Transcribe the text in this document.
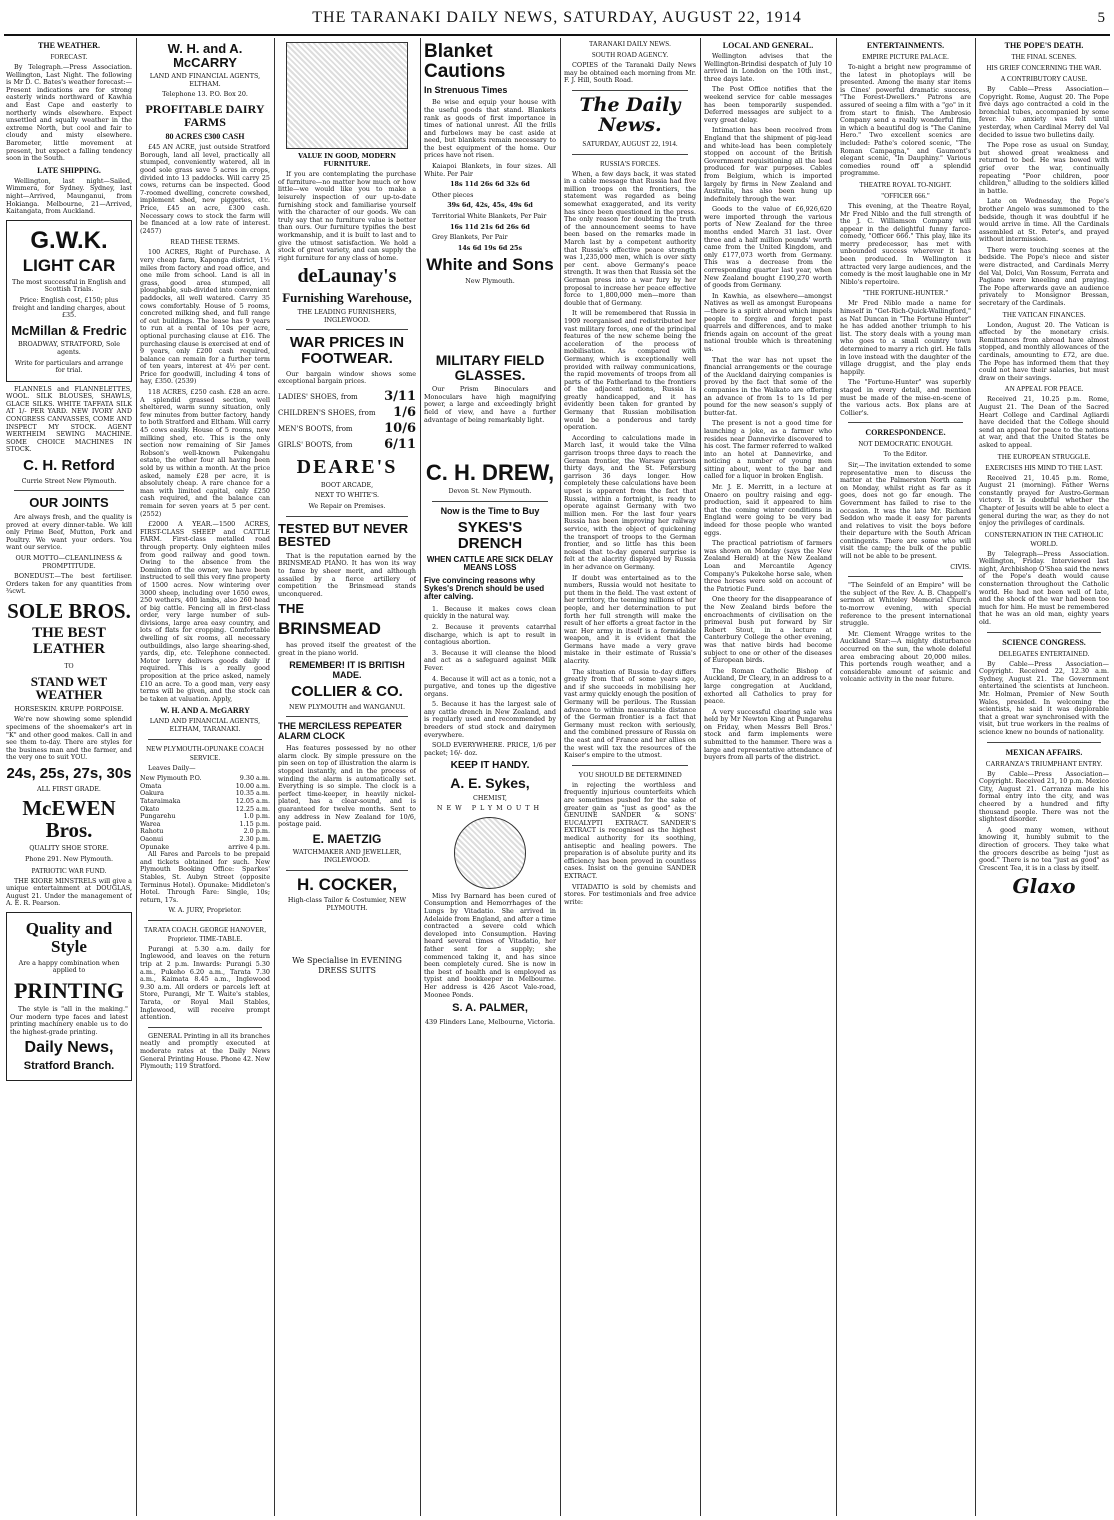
THE TARANAKI DAILY NEWS, SATURDAY, AUGUST 22, 1914	5
THE WEATHER.
FORECAST.

By Telegraph.—Press Association. Wellington, Last Night. The following is Mr D. C. Bates's weather forecast:— Present indications are for strong easterly winds northward of Kawhia and East Cape and easterly to northerly winds elsewhere. Expect unsettled and squally weather in the extreme North, but cool and fair to cloudy and misty elsewhere. Barometer, little movement at present, but expect a falling tendency soon in the South.

LATE SHIPPING.

Wellington, last night—Sailed, Wimmera, for Sydney. Sydney, last night—Arrived, Maunganui, from Hokianga. Melbourne, 21—Arrived, Kaitangata, from Auckland.

G.W.K.
LIGHT CAR

The most successful in English and Scottish Trials.

Price: English cost, £150; plus freight and landing charges, about £35.

McMillan & Fredric

BROADWAY, STRATFORD, Sole agents.

Write for particulars and arrange for trial.

FLANNELS and FLANNELETTES, WOOL. SILK BLOUSES, SHAWLS, GLACE SILKS. WHITE TAFFATA SILK AT 1/- PER YARD. NEW IVORY AND CONGRESS CANVASSES, COME AND INSPECT MY STOCK. AGENT WERTHEIM SEWING MACHINE. SOME CHOICE MACHINES IN STOCK.

C. H. Retford

Currie Street New Plymouth.

OUR JOINTS

Are always fresh, and the quality is proved at every dinner-table. We kill only Prime Beef, Mutton, Pork and Poultry. We want your orders. You want our service.

OUR MOTTO—CLEANLINESS & PROMPTITUDE.

BONEDUST.—The best fertiliser. Orders taken for any quantities from ¾cwt.

SOLE BROS.
THE BEST LEATHER
TO
STAND WET WEATHER

HORSESKIN. KRUPP. PORPOISE.

We're now showing some splendid specimens of the shoemaker's art in "K" and other good makes. Call in and see them to-day. There are styles for the business man and the farmer, and the very one to suit YOU.

24s, 25s, 27s, 30s

ALL FIRST GRADE.

McEWEN Bros.

QUALITY SHOE STORE.

Phone 291. New Plymouth.

PATRIOTIC WAR FUND.

THE KIORE MINSTRELS will give a unique entertainment at DOUGLAS, August 21. Under the management of A. E. R. Pearson.

Quality and Style

Are a happy combination when applied to

PRINTING

The style is "all in the making." Our modern type faces and latest printing machinery enable us to do the highest-grade printing.

Daily News,
Stratford Branch.
W. H. and A. McCARRY

LAND AND FINANCIAL AGENTS, ELTHAM.

Telephone 13. P.O. Box 20.

PROFITABLE DAIRY FARMS
80 ACRES £300 CASH

£45 AN ACRE, just outside Stratford Borough, land all level, practically all stumped, conveniently watered, all in good sole grass save 5 acres in crops, divided into 13 paddocks. Will carry 25 cows, returns can be inspected. Good 7-roomed dwelling, concrete cowshed, implement shed, new piggeries, etc. Price, £45 an acre, £300 cash. Necessary cows to stock the farm will be financed at a low rate of interest. (2457)

READ THESE TERMS.

100 ACRES, Right of Purchase. A very cheap farm, Kaponga district, 1½ miles from factory and road office, and one mile from school. Land is all in grass, good area stumped, all ploughable, sub-divided into convenient paddocks, all well watered. Carry 35 cows comfortably. House of 5 rooms, concreted milking shed, and full range of out buildings. The lease has 9 years to run at a rental of 10s per acre, optional purchasing clause at £16. The purchasing clause is exercised at end of 9 years, only £200 cash required, balance can remain for a further term of ten years, interest at 4½ per cent. Price for goodwill, including 4 tons of hay, £350. (2539)

118 ACRES, £250 cash. £28 an acre. A splendid grassed section, well sheltered, warm sunny situation, only few minutes from butter factory, handy to both Stratford and Eltham. Will carry 45 cows easily. House of 5 rooms, new milking shed, etc. This is the only section now remaining of Sir James Robson's well-known Pukengahu estate, the other four all having been sold by us within a month. At the price asked, namely £28 per acre, it is absolutely cheap. A rare chance for a man with limited capital, only £250 cash required, and the balance can remain for seven years at 5 per cent. (2552)

£2000 A YEAR.—1500 ACRES, FIRST-CLASS SHEEP and CATTLE FARM. First-class metalled road through property. Only eighteen miles from good railway and good town. Owing to the absence from the Dominion of the owner, we have been instructed to sell this very fine property of 1500 acres. Now wintering over 3000 sheep, including over 1650 ewes, 250 wethers, 400 lambs, also 260 head of big cattle. Fencing all in first-class order, very large number of sub-divisions, large area easy country, and lots of flats for cropping. Comfortable dwelling of six rooms, all necessary outbuildings, also large shearing-shed, yards, dip, etc. Telephone connected. Motor lorry delivers goods daily if required. This is a really good proposition at the price asked, namely £10 an acre. To a good man, very easy terms will be given, and the stock can be taken at valuation. Apply,

W. H. AND A. McGARRY

LAND AND FINANCIAL AGENTS, ELTHAM, TARANAKI.

NEW PLYMOUTH-OPUNAKE COACH SERVICE.

Leaves Daily—

New Plymouth P.O.	9.30 a.m.
Omata	10.00 a.m.
Oakura	10.35 a.m.
Tataraimaka	12.05 a.m.
Okato	12.25 a.m.
Pungarehu	1.0 p.m.
Warea	1.15 p.m.
Rahotu	2.0 p.m.
Oaonui	2.30 p.m.
Opunake	arrive 4 p.m.

All Fares and Parcels to be prepaid and tickets obtained for such. New Plymouth Booking Office: Sparkes' Stables, St. Aubyn Street (opposite Terminus Hotel). Opunake: Middleton's Hotel. Through Fare: Single, 10s; return, 17s.

W. A. JURY, Proprietor.

TARATA COACH. GEORGE HANOVER, Proprietor. TIME-TABLE.

Purangi at 5.30 a.m. daily for Inglewood, and leaves on the return trip at 2 p.m. Inwards: Purangi 5.30 a.m., Pukeho 6.20 a.m., Tarata 7.30 a.m., Kaimata 8.45 a.m., Inglewood 9.30 a.m. All orders or parcels left at Store, Purangi, Mr T. Waite's stables, Tarata, or Royal Mail Stables, Inglewood, will receive prompt attention.

GENERAL Printing in all its branches neatly and promptly executed at moderate rates at the Daily News General Printing House. Phone 42. New Plymouth; 119 Stratford.

VALUE IN GOOD, MODERN FURNITURE.

If you are contemplating the purchase of furniture—no matter how much or how little—we would like you to make a leisurely inspection of our up-to-date furnishing stock and familiarise yourself with the character of our goods. We can truly say that no furniture value is better than ours. Our furniture typifies the best workmanship, and it is built to last and to give the utmost satisfaction. We hold a stock of great variety, and can supply the right furniture for any class of home.

deLaunay's
Furnishing Warehouse,

THE LEADING FURNISHERS, INGLEWOOD.

WAR PRICES IN FOOTWEAR.

Our bargain window shows some exceptional bargain prices.

LADIES' SHOES, from 3/11
CHILDREN'S SHOES, from 1/6
MEN'S BOOTS, from 10/6
GIRLS' BOOTS, from 6/11
DEARE'S

BOOT ARCADE,

NEXT TO WHITE'S.

We Repair on Premises.

TESTED BUT NEVER BESTED

That is the reputation earned by the BRINSMEAD PIANO. It has won its way to fame by sheer merit, and although assailed by a fierce artillery of competition the Brinsmead stands unconquered.

THE
BRINSMEAD

has proved itself the greatest of the great in the piano world.

REMEMBER! IT IS BRITISH MADE.
COLLIER & CO.

NEW PLYMOUTH and WANGANUI.

THE MERCILESS REPEATER ALARM CLOCK

Has features possessed by no other alarm clock. By simple pressure on the pin seen on top of illustration the alarm is stopped instantly, and in the process of winding the alarm is automatically set. Everything is so simple. The clock is a perfect time-keeper, in heavily nickel-plated, has a clear-sound, and is guaranteed for twelve months. Sent to any address in New Zealand for 10/6, postage paid.

E. MAETZIG

WATCHMAKER AND JEWELLER, INGLEWOOD.

H. COCKER,

High-class Tailor & Costumier, NEW PLYMOUTH.

We Specialise in EVENING DRESS SUITS

Blanket Cautions
In Strenuous Times

Be wise and equip your house with the useful goods that stand. Blankets rank as goods of first importance in times of national unrest. All the frills and furbelows may be cast aside at need, but blankets remain necessary to the best equipment of the home. Our prices have not risen.

Kaiapoi Blankets, in four sizes. All White. Per Pair

18s 11d 26s 6d 32s 6d

Other pieces

39s 6d, 42s, 45s, 49s 6d

Territorial White Blankets, Per Pair

16s 11d 21s 6d 26s 6d

Grey Blankets, Per Pair

14s 6d 19s 6d 25s

White and Sons

New Plymouth.

MILITARY FIELD GLASSES.

Our Prism Binoculars and Monoculars have high magnifying power, a large and exceedingly bright field of view, and have a further advantage of being remarkably light.

C. H. DREW,

Devon St. New Plymouth.

Now is the Time to Buy
SYKES'S DRENCH
WHEN CATTLE ARE SICK DELAY MEANS LOSS
Five convincing reasons why Sykes's Drench should be used after calving.

1. Because it makes cows clean quickly in the natural way.

2. Because it prevents catarrhal discharge, which is apt to result in contagious abortion.

3. Because it will cleanse the blood and act as a safeguard against Milk Fever.

4. Because it will act as a tonic, not a purgative, and tones up the digestive organs.

5. Because it has the largest sale of any cattle drench in New Zealand, and is regularly used and recommended by breeders of stud stock and dairymen everywhere.

SOLD EVERYWHERE. PRICE, 1/6 per packet; 16/- doz.

KEEP IT HANDY.
A. E. Sykes,

CHEMIST,

NEW PLYMOUTH

Miss Ivy Barnard has been cured of Consumption and Hemorrhages of the Lungs by Vitadatio. She arrived in Adelaide from England, and after a time contracted a severe cold which developed into Consumption. Having heard several times of Vitadatio, her father sent for a supply; she commenced taking it, and has since been completely cured. She is now in the best of health and is employed as typist and bookkeeper in Melbourne. Her address is 426 Ascot Vale-road, Moonee Ponds.

S. A. PALMER,

439 Flinders Lane, Melbourne, Victoria.

TARANAKI DAILY NEWS.
SOUTH ROAD AGENCY.

COPIES of the Taranaki Daily News may be obtained each morning from Mr. F. J. Hill, South Road.

The Daily News.
SATURDAY, AUGUST 22, 1914.
RUSSIA'S FORCES.

When, a few days back, it was stated in a cable message that Russia had five million troops on the frontiers, the statement was regarded as being somewhat exaggerated, and its verity has since been questioned in the press. The only reason for doubting the truth of the announcement seems to have been based on the remarks made in March last by a competent authority that Russia's effective peace strength was 1,235,000 men, which is over sixty per cent. above Germany's peace strength. It was then that Russia set the German press into a war fury by her proposal to increase her peace effective force to 1,800,000 men—more than double that of Germany.

It will be remembered that Russia in 1909 reorganised and redistributed her vast military forces, one of the principal features of the new scheme being the acceleration of the process of mobilisation. As compared with Germany, which is exceptionally well provided with railway communications, the rapid movements of troops from all parts of the Fatherland to the frontiers of the adjacent nations, Russia is greatly handicapped, and it has evidently been taken for granted by Germany that Russian mobilisation would be a ponderous and tardy operation.

According to calculations made in March last, it would take the Vilna garrison troops three days to reach the German frontier, the Warsaw garrison thirty days, and the St. Petersburg garrison 36 days longer. How completely these calculations have been upset is apparent from the fact that Russia, within a fortnight, is ready to operate against Germany with two million men. For the last four years Russia has been improving her railway service, with the object of quickening the transport of troops to the German frontier, and so little has this been noised that to-day general surprise is felt at the alacrity displayed by Russia in her advance on Germany.

If doubt was entertained as to the numbers, Russia would not hesitate to put them in the field. The vast extent of her territory, the teeming millions of her people, and her determination to put forth her full strength will make the result of her efforts a great factor in the war. Her army in itself is a formidable weapon, and it is evident that the Germans have made a very grave mistake in their estimate of Russia's alacrity.

The situation of Russia to-day differs greatly from that of some years ago, and if she succeeds in mobilising her vast army quickly enough the position of Germany will be perilous. The Russian advance to within measurable distance of the German frontier is a fact that Germany must reckon with seriously, and the combined pressure of Russia on the east and of France and her allies on the west will tax the resources of the Kaiser's empire to the utmost.

YOU SHOULD BE DETERMINED

in rejecting the worthless and frequently injurious counterfeits which are sometimes pushed for the sake of greater gain as "just as good" as the GENUINE SANDER & SONS' EUCALYPTI EXTRACT. SANDER'S EXTRACT is recognised as the highest medical authority for its soothing, antiseptic and healing powers. The preparation is of absolute purity and its efficiency has been proved in countless cases. Insist on the genuine SANDER EXTRACT.

VITADATIO is sold by chemists and stores. For testimonials and free advice write:

LOCAL AND GENERAL.

Wellington advises that the Wellington-Brindisi despatch of July 10 arrived in London on the 10th inst., three days late.

The Post Office notifies that the weekend service for cable messages has been temporarily suspended. Deferred messages are subject to a very great delay.

Intimation has been received from England that the shipment of pig-lead and white-lead has been completely stopped on account of the British Government requisitioning all the lead produced for war purposes. Cables from Belgium, which is imported largely by firms in New Zealand and Australia, has also been hung up indefinitely through the war.

Goods to the value of £6,926,620 were imported through the various ports of New Zealand for the three months ended March 31 last. Over three and a half million pounds' worth came from the United Kingdom, and only £177,073 worth from Germany. This was a decrease from the corresponding quarter last year, when New Zealand bought £190,270 worth of goods from Germany.

In Kawhia, as elsewhere—amongst Natives as well as amongst Europeans—there is a spirit abroad which impels people to forgive and forget past quarrels and differences, and to make friends again on account of the great national trouble which is threatening us.

That the war has not upset the financial arrangements or the courage of the Auckland dairying companies is proved by the fact that some of the companies in the Waikato are offering an advance of from 1s to 1s 1d per pound for the new season's supply of butter-fat.

The present is not a good time for launching a joke, as a farmer who resides near Dannevirke discovered to his cost. The farmer referred to walked into an hotel at Dannevirke, and noticing a number of young men sitting about, went to the bar and called for a liquor in broken English.

Mr. J. E. Merritt, in a lecture at Onaero on poultry raising and egg-production, said it appeared to him that the coming winter conditions in England were going to be very bad indeed for those people who wanted eggs.

The practical patriotism of farmers was shown on Monday (says the New Zealand Herald) at the New Zealand Loan and Mercantile Agency Company's Pukekohe horse sale, when three horses were sold on account of the Patriotic Fund.

One theory for the disappearance of the New Zealand birds before the encroachments of civilisation on the primeval bush put forward by Sir Robert Stout, in a lecture at Canterbury College the other evening, was that native birds had become subject to one or other of the diseases of European birds.

The Roman Catholic Bishop of Auckland, Dr Cleary, in an address to a large congregation at Auckland, exhorted all Catholics to pray for peace.

A very successful clearing sale was held by Mr Newton King at Pungarehu on Friday, when Messrs Bell Bros.' stock and farm implements were submitted to the hammer. There was a large and representative attendance of buyers from all parts of the district.

ENTERTAINMENTS.
EMPIRE PICTURE PALACE.

To-night a bright new programme of the latest in photoplays will be presented. Among the many star items is Cines' powerful dramatic success, "The Forest-Dwellers." Patrons are assured of seeing a film with a "go" in it from start to finish. The Ambrosio Company send a really wonderful film, in which a beautiful dog is "The Canine Hero." Two excellent scenics are included: Pathe's colored scenic, "The Roman Campagna," and Gaumont's elegant scenic, "In Dauphiny." Various comedies round off a splendid programme.

THEATRE ROYAL TO-NIGHT.
"OFFICER 666."

This evening, at the Theatre Royal, Mr Fred Niblo and the full strength of the J. C. Williamson Company will appear in the delightful funny farce-comedy, "Officer 666." This play, like its merry predecessor, has met with unbounded success wherever it has been produced. In Wellington it attracted very large audiences, and the comedy is the most laughable one in Mr Niblo's repertoire.

"THE FORTUNE-HUNTER."

Mr Fred Niblo made a name for himself in "Get-Rich-Quick-Wallingford," as Nat Duncan in "The Fortune Hunter" he has added another triumph to his list. The story deals with a young man who goes to a small country town determined to marry a rich girl. He falls in love instead with the daughter of the village druggist, and the play ends happily.

The "Fortune-Hunter" was superbly staged in every detail, and mention must be made of the mise-en-scene of the various acts. Box plans are at Collier's.

CORRESPONDENCE.
NOT DEMOCRATIC ENOUGH.

To the Editor.

Sir,—The invitation extended to some representative men to discuss the matter at the Palmerston North camp on Monday, whilst right as far as it goes, does not go far enough. The Government has failed to rise to the occasion. It was the late Mr. Richard Seddon who made it easy for parents and relatives to visit the boys before their departure with the South African contingents. There are some who will visit the camp; the bulk of the public will not be able to be present.

CIVIS.

"The Seinfeld of an Empire" will be the subject of the Rev. A. B. Chappell's sermon at Whiteley Memorial Church to-morrow evening, with special reference to the present international struggle.

Mr. Clement Wragge writes to the Auckland Star:—A mighty disturbance occurred on the sun, the whole doleful area embracing about 20,000 miles. This portends rough weather, and a considerable amount of seismic and volcanic activity in the near future.

THE POPE'S DEATH.
THE FINAL SCENES.
HIS GRIEF CONCERNING THE WAR.
A CONTRIBUTORY CAUSE.

By Cable—Press Association—Copyright. Rome, August 20. The Pope five days ago contracted a cold in the bronchial tubes, accompanied by some fever. No anxiety was felt until yesterday, when Cardinal Merry del Val decided to issue two bulletins daily.

The Pope rose as usual on Sunday, but showed great weakness and returned to bed. He was bowed with grief over the war, continually repeating "Poor children, poor children," alluding to the soldiers killed in battle.

Late on Wednesday, the Pope's brother Angelo was summoned to the bedside, though it was doubtful if he would arrive in time. All the Cardinals assembled at St. Peter's, and prayed without intermission.

There were touching scenes at the bedside. The Pope's niece and sister were distracted, and Cardinals Merry del Val, Dolci, Van Rossum, Ferrata and Pagiano were kneeling and praying. The Pope afterwards gave an audience privately to Monsignor Bressan, secretary of the Cardinals.

THE VATICAN FINANCES.

London, August 20. The Vatican is affected by the monetary crisis. Remittances from abroad have almost stopped, and monthly allowances of the cardinals, amounting to £72, are due. The Pope has informed them that they could not have their salaries, but must draw on their savings.

AN APPEAL FOR PEACE.

Received 21, 10.25 p.m. Rome, August 21. The Dean of the Sacred Heart College and Cardinal Agliardi have decided that the College should send an appeal for peace to the nations at war, and that the United States be asked to appeal.

THE EUROPEAN STRUGGLE.
EXERCISES HIS MIND TO THE LAST.

Received 21, 10.45 p.m. Rome, August 21 (morning). Father Werns constantly prayed for Austro-German victory. It is doubtful whether the Chapter of Jesuits will be able to elect a general during the war, as they do not enjoy the privileges of cardinals.

CONSTERNATION IN THE CATHOLIC WORLD.

By Telegraph—Press Association. Wellington, Friday. Interviewed last night, Archbishop O'Shea said the news of the Pope's death would cause consternation throughout the Catholic world. He had not been well of late, and the shock of the war had been too much for him. He must be remembered that he was an old man, eighty years old.

SCIENCE CONGRESS.
DELEGATES ENTERTAINED.

By Cable—Press Association—Copyright. Received 22, 12.30 a.m. Sydney, August 21. The Government entertained the scientists at luncheon. Mr. Holman, Premier of New South Wales, presided. In welcoming the scientists, he said it was deplorable that a great war synchronised with the visit, but true workers in the realms of science knew no bounds of nationality.

MEXICAN AFFAIRS.
CARRANZA'S TRIUMPHANT ENTRY.

By Cable—Press Association—Copyright. Received 21, 10 p.m. Mexico City, August 21. Carranza made his formal entry into the city, and was cheered by a hundred and fifty thousand people. There was not the slightest disorder.

A good many women, without knowing it, humbly submit to the direction of grocers. They take what the grocers describe as being "just as good." There is no tea "just as good" as Crescent Tea, it is in a class by itself.

Glaxo
